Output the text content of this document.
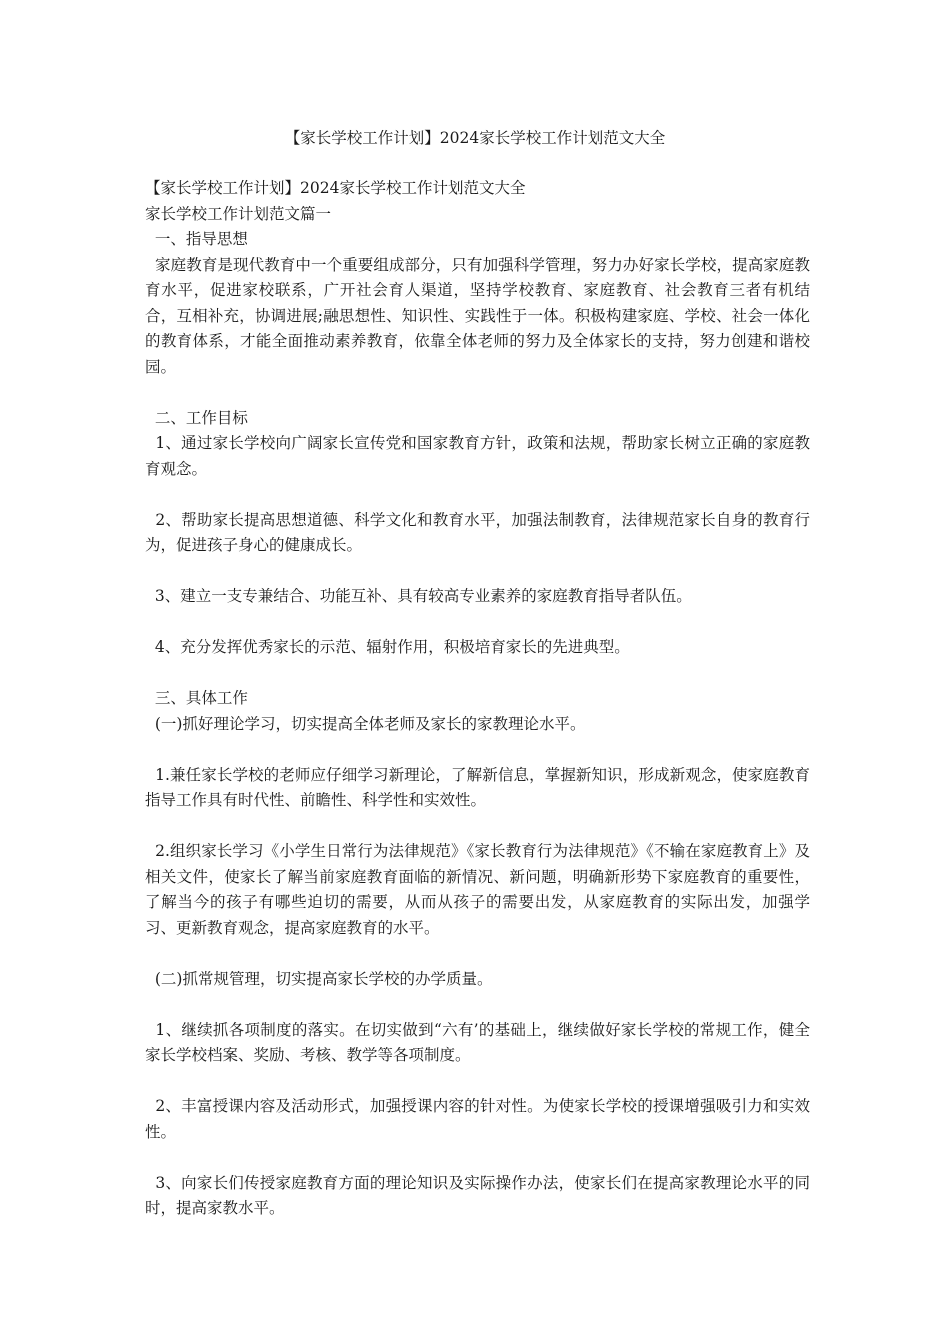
【家长学校工作计划】2024家长学校工作计划范文大全

【家长学校工作计划】2024家长学校工作计划范文大全

家长学校工作计划范文篇一

一、指导思想

家庭教育是现代教育中一个重要组成部分，只有加强科学管理，努力办好家长学校，提高家庭教育水平，促进家校联系，广开社会育人渠道，坚持学校教育、家庭教育、社会教育三者有机结合，互相补充，协调进展;融思想性、知识性、实践性于一体。积极构建家庭、学校、社会一体化的教育体系，才能全面推动素养教育，依靠全体老师的努力及全体家长的支持，努力创建和谐校园。

二、工作目标

1、通过家长学校向广阔家长宣传党和国家教育方针，政策和法规，帮助家长树立正确的家庭教育观念。

2、帮助家长提高思想道德、科学文化和教育水平，加强法制教育，法律规范家长自身的教育行为，促进孩子身心的健康成长。

3、建立一支专兼结合、功能互补、具有较高专业素养的家庭教育指导者队伍。

4、充分发挥优秀家长的示范、辐射作用，积极培育家长的先进典型。

三、具体工作

(一)抓好理论学习，切实提高全体老师及家长的家教理论水平。

1.兼任家长学校的老师应仔细学习新理论，了解新信息，掌握新知识，形成新观念，使家庭教育指导工作具有时代性、前瞻性、科学性和实效性。

2.组织家长学习《小学生日常行为法律规范》《家长教育行为法律规范》《不输在家庭教育上》及相关文件，使家长了解当前家庭教育面临的新情况、新问题，明确新形势下家庭教育的重要性，了解当今的孩子有哪些迫切的需要，从而从孩子的需要出发，从家庭教育的实际出发，加强学习、更新教育观念，提高家庭教育的水平。

(二)抓常规管理，切实提高家长学校的办学质量。

1、继续抓各项制度的落实。在切实做到“六有’的基础上，继续做好家长学校的常规工作，健全家长学校档案、奖励、考核、教学等各项制度。

2、丰富授课内容及活动形式，加强授课内容的针对性。为使家长学校的授课增强吸引力和实效性。

3、向家长们传授家庭教育方面的理论知识及实际操作办法，使家长们在提高家教理论水平的同时，提高家教水平。
